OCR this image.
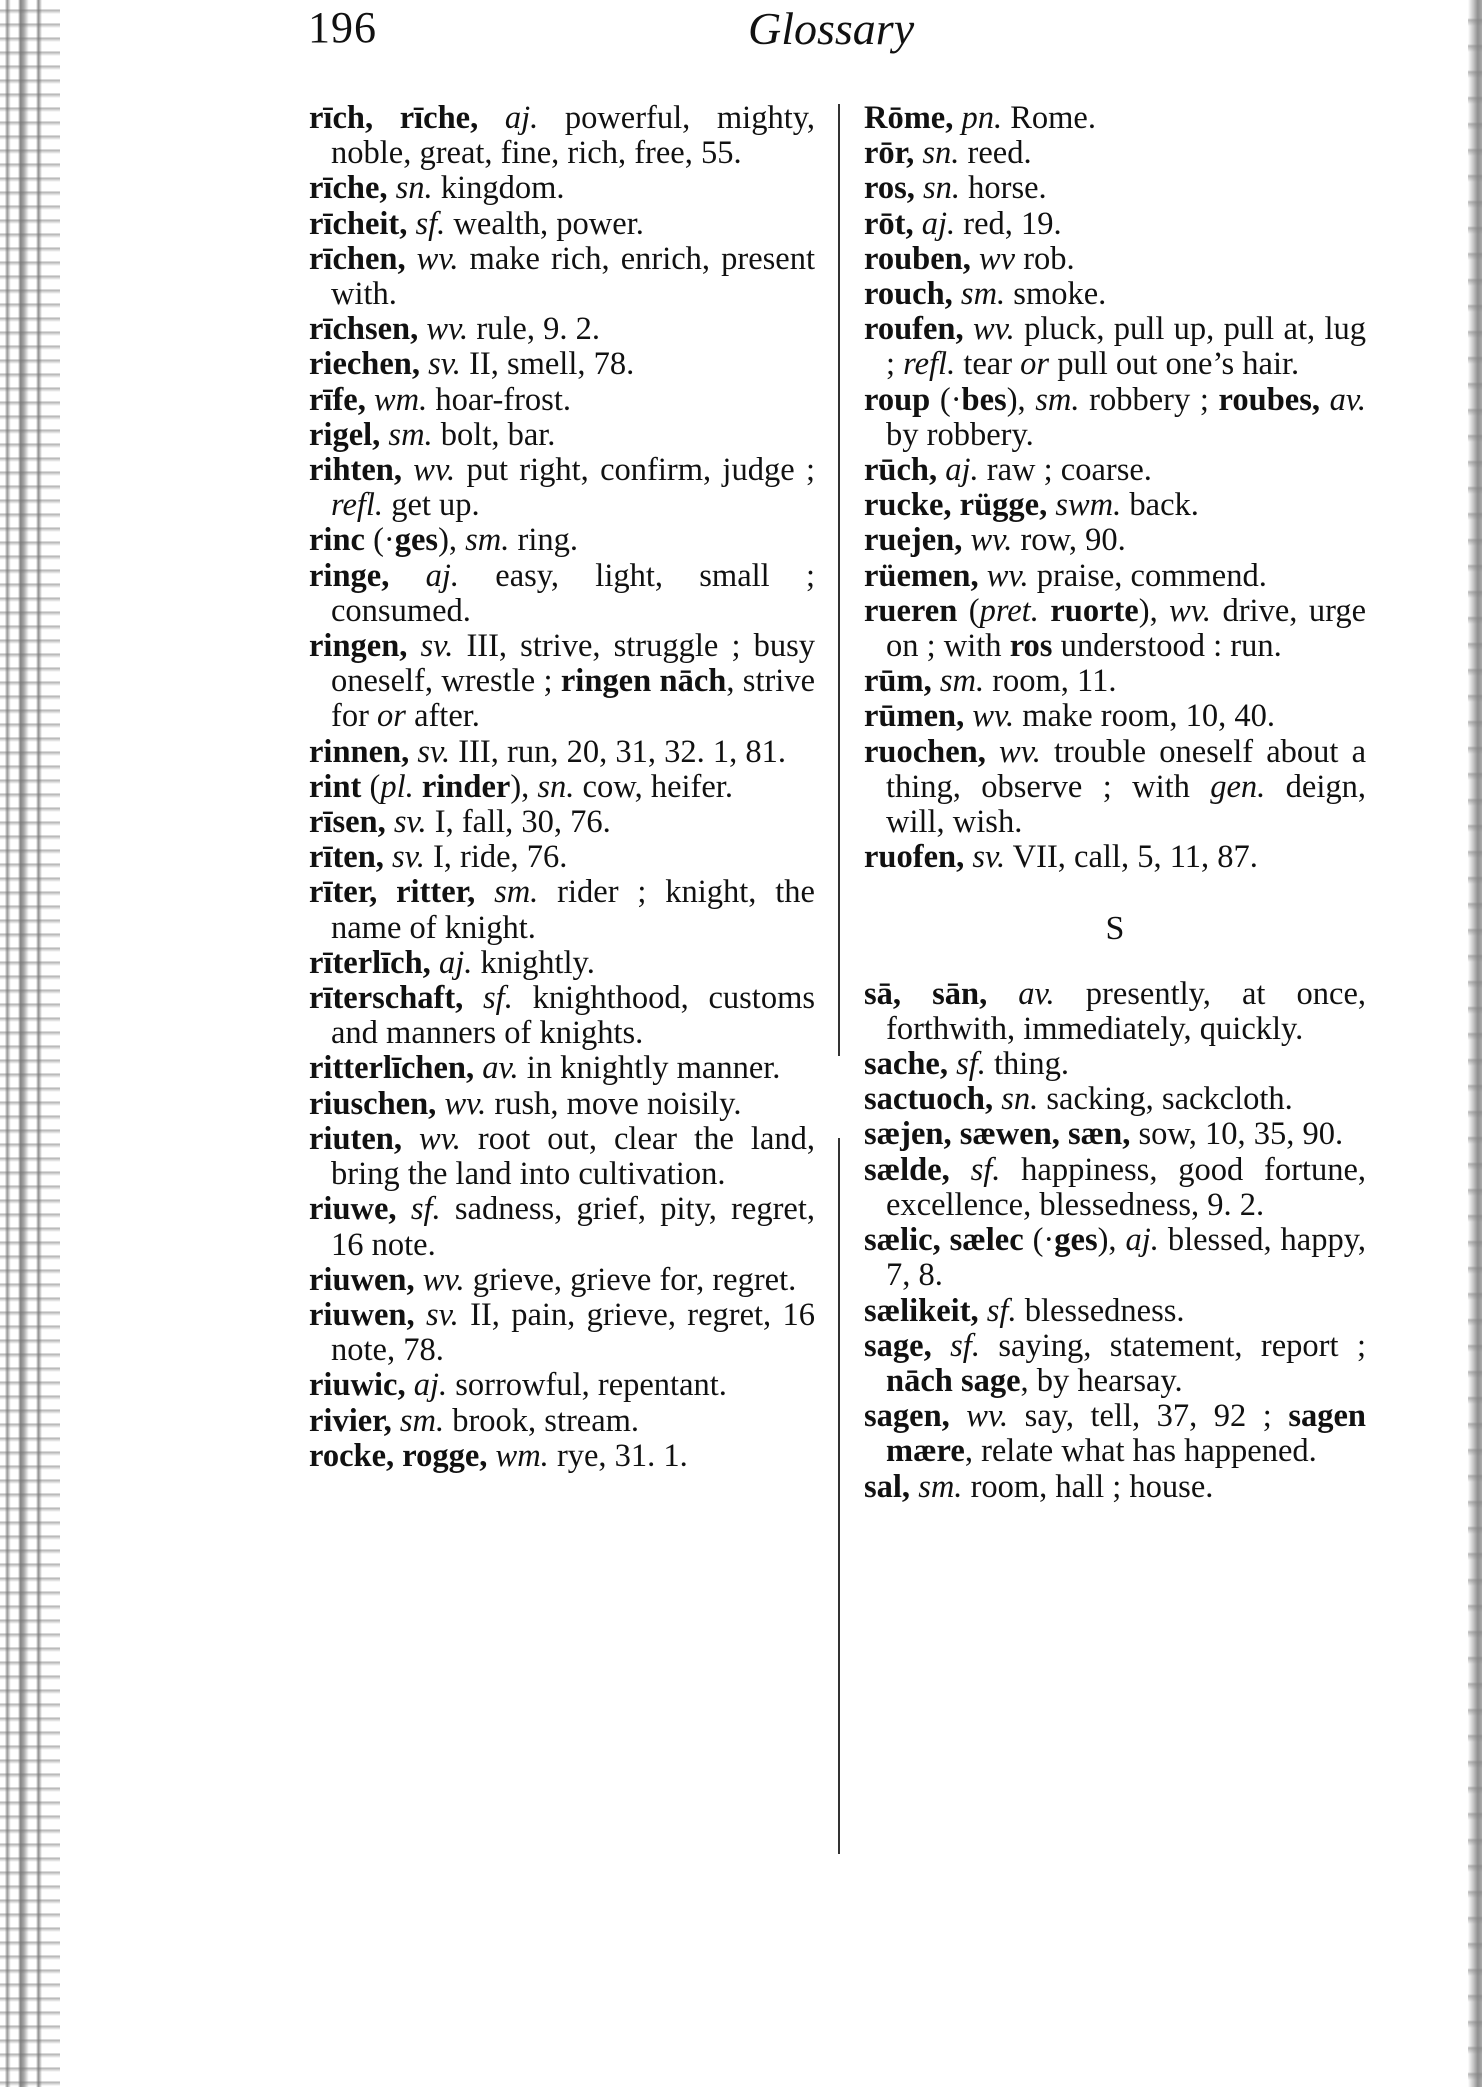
196	Glossary

rīch, rīche, aj. powerful, mighty, noble, great, fine, rich, free, 55.

rīche, sn. kingdom.

rīcheit, sf. wealth, power.

rīchen, wv. make rich, enrich, present with.

rīchsen, wv. rule, 9. 2.

riechen, sv. II, smell, 78.

rīfe, wm. hoar-frost.

rigel, sm. bolt, bar.

rihten, wv. put right, confirm, judge ; refl. get up.

rinc (·ges), sm. ring.

ringe, aj. easy, light, small ; consumed.

ringen, sv. III, strive, struggle ; busy oneself, wrestle ; ringen nāch, strive for or after.

rinnen, sv. III, run, 20, 31, 32. 1, 81.

rint (pl. rinder), sn. cow, heifer.

rīsen, sv. I, fall, 30, 76.

rīten, sv. I, ride, 76.

rīter, ritter, sm. rider ; knight, the name of knight.

rīterlīch, aj. knightly.

rīterschaft, sf. knighthood, customs and manners of knights.

ritterlīchen, av. in knightly manner.

riuschen, wv. rush, move noisily.

riuten, wv. root out, clear the land, bring the land into cultivation.

riuwe, sf. sadness, grief, pity, regret, 16 note.

riuwen, wv. grieve, grieve for, regret.

riuwen, sv. II, pain, grieve, regret, 16 note, 78.

riuwic, aj. sorrowful, repentant.

rivier, sm. brook, stream.

rocke, rogge, wm. rye, 31. 1.

Rōme, pn. Rome.

rōr, sn. reed.

ros, sn. horse.

rōt, aj. red, 19.

rouben, wv rob.

rouch, sm. smoke.

roufen, wv. pluck, pull up, pull at, lug ; refl. tear or pull out one’s hair.

roup (·bes), sm. robbery ; roubes, av. by robbery.

rūch, aj. raw ; coarse.

rucke, rügge, swm. back.

ruejen, wv. row, 90.

rüemen, wv. praise, commend.

rueren (pret. ruorte), wv. drive, urge on ; with ros understood : run.

rūm, sm. room, 11.

rūmen, wv. make room, 10, 40.

ruochen, wv. trouble oneself about a thing, observe ; with gen. deign, will, wish.

ruofen, sv. VII, call, 5, 11, 87.

S

sā, sān, av. presently, at once, forthwith, immediately, quickly.

sache, sf. thing.

sactuoch, sn. sacking, sackcloth.

sæjen, sæwen, sæn, sow, 10, 35, 90.

sælde, sf. happiness, good fortune, excellence, blessedness, 9. 2.

sælic, sælec (·ges), aj. blessed, happy, 7, 8.

sælikeit, sf. blessedness.

sage, sf. saying, statement, report ; nāch sage, by hearsay.

sagen, wv. say, tell, 37, 92 ; sagen mære, relate what has happened.

sal, sm. room, hall ; house.
